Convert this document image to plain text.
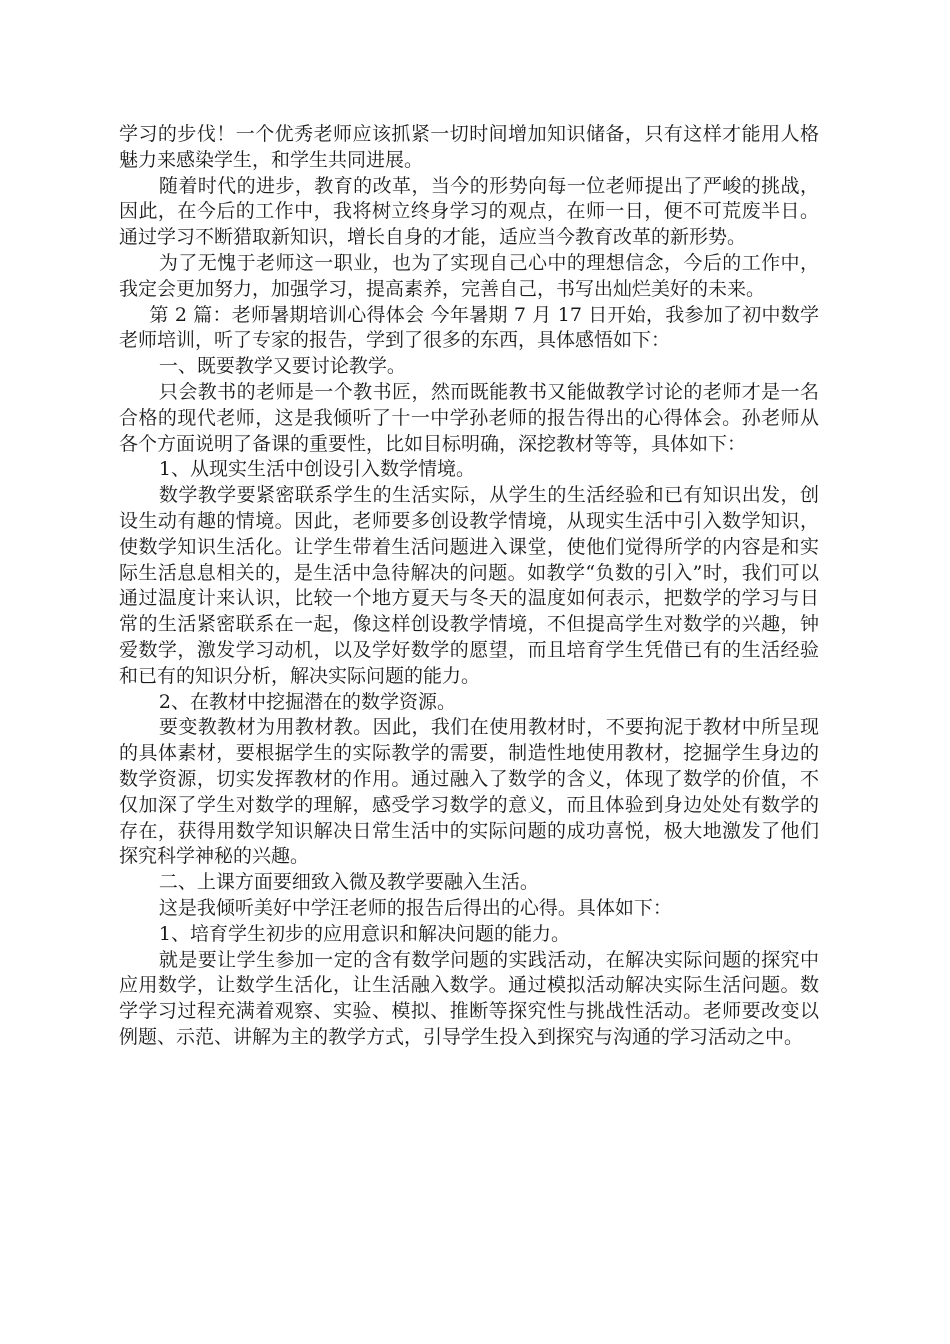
学习的步伐！一个优秀老师应该抓紧一切时间增加知识储备，只有这样才能用人格魅力来感染学生，和学生共同进展。

随着时代的进步，教育的改革，当今的形势向每一位老师提出了严峻的挑战，因此，在今后的工作中，我将树立终身学习的观点，在师一日，便不可荒废半日。通过学习不断猎取新知识，增长自身的才能，适应当今教育改革的新形势。

为了无愧于老师这一职业，也为了实现自己心中的理想信念，今后的工作中，我定会更加努力，加强学习，提高素养，完善自己，书写出灿烂美好的未来。

第 2 篇：老师暑期培训心得体会 今年暑期 7 月 17 日开始，我参加了初中数学老师培训，听了专家的报告，学到了很多的东西，具体感悟如下：

一、既要教学又要讨论教学。

只会教书的老师是一个教书匠，然而既能教书又能做教学讨论的老师才是一名合格的现代老师，这是我倾听了十一中学孙老师的报告得出的心得体会。孙老师从各个方面说明了备课的重要性，比如目标明确，深挖教材等等，具体如下：

1、从现实生活中创设引入数学情境。

数学教学要紧密联系学生的生活实际，从学生的生活经验和已有知识出发，创设生动有趣的情境。因此，老师要多创设教学情境，从现实生活中引入数学知识，使数学知识生活化。让学生带着生活问题进入课堂，使他们觉得所学的内容是和实际生活息息相关的，是生活中急待解决的问题。如教学“负数的引入”时，我们可以通过温度计来认识，比较一个地方夏天与冬天的温度如何表示，把数学的学习与日常的生活紧密联系在一起，像这样创设教学情境，不但提高学生对数学的兴趣，钟爱数学，激发学习动机，以及学好数学的愿望，而且培育学生凭借已有的生活经验和已有的知识分析，解决实际问题的能力。

2、在教材中挖掘潜在的数学资源。

要变教教材为用教材教。因此，我们在使用教材时，不要拘泥于教材中所呈现的具体素材，要根据学生的实际教学的需要，制造性地使用教材，挖掘学生身边的数学资源，切实发挥教材的作用。通过融入了数学的含义，体现了数学的价值，不仅加深了学生对数学的理解，感受学习数学的意义，而且体验到身边处处有数学的存在，获得用数学知识解决日常生活中的实际问题的成功喜悦，极大地激发了他们探究科学神秘的兴趣。

二、上课方面要细致入微及教学要融入生活。

这是我倾听美好中学汪老师的报告后得出的心得。具体如下：

1、培育学生初步的应用意识和解决问题的能力。

就是要让学生参加一定的含有数学问题的实践活动，在解决实际问题的探究中应用数学，让数学生活化，让生活融入数学。通过模拟活动解决实际生活问题。数学学习过程充满着观察、实验、模拟、推断等探究性与挑战性活动。老师要改变以例题、示范、讲解为主的教学方式，引导学生投入到探究与沟通的学习活动之中。
